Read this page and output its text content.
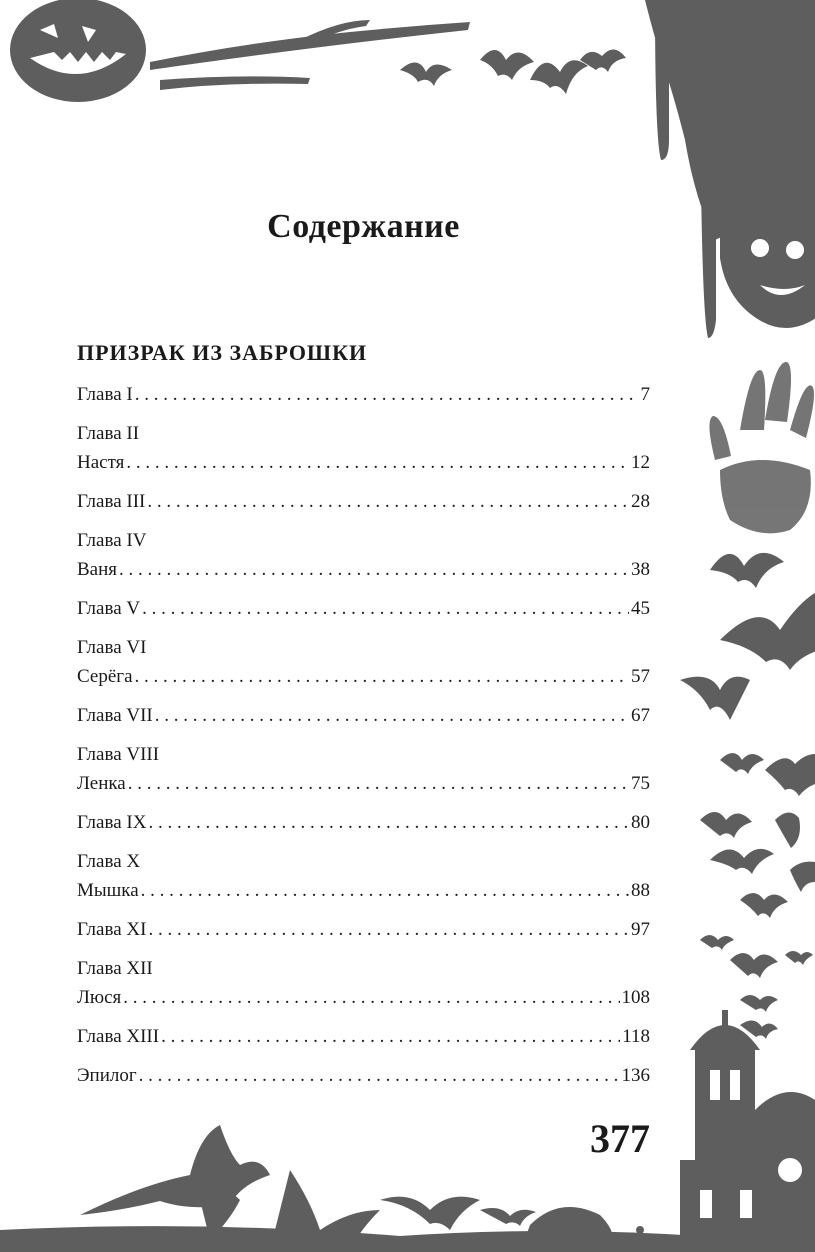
Содержание
ПРИЗРАК ИЗ ЗАБРОШКИ
Глава I . . .	7
Глава II
Настя . . .	12
Глава III . . .	28
Глава IV
Ваня . . .	38
Глава V . . .	45
Глава VI
Серёга . . .	57
Глава VII . . .	67
Глава VIII
Ленка . . .	75
Глава IX . . .	80
Глава X
Мышка . . .	88
Глава XI . . .	97
Глава XII
Люся . . .	108
Глава XIII . . .	118
Эпилог . . .	136
377
